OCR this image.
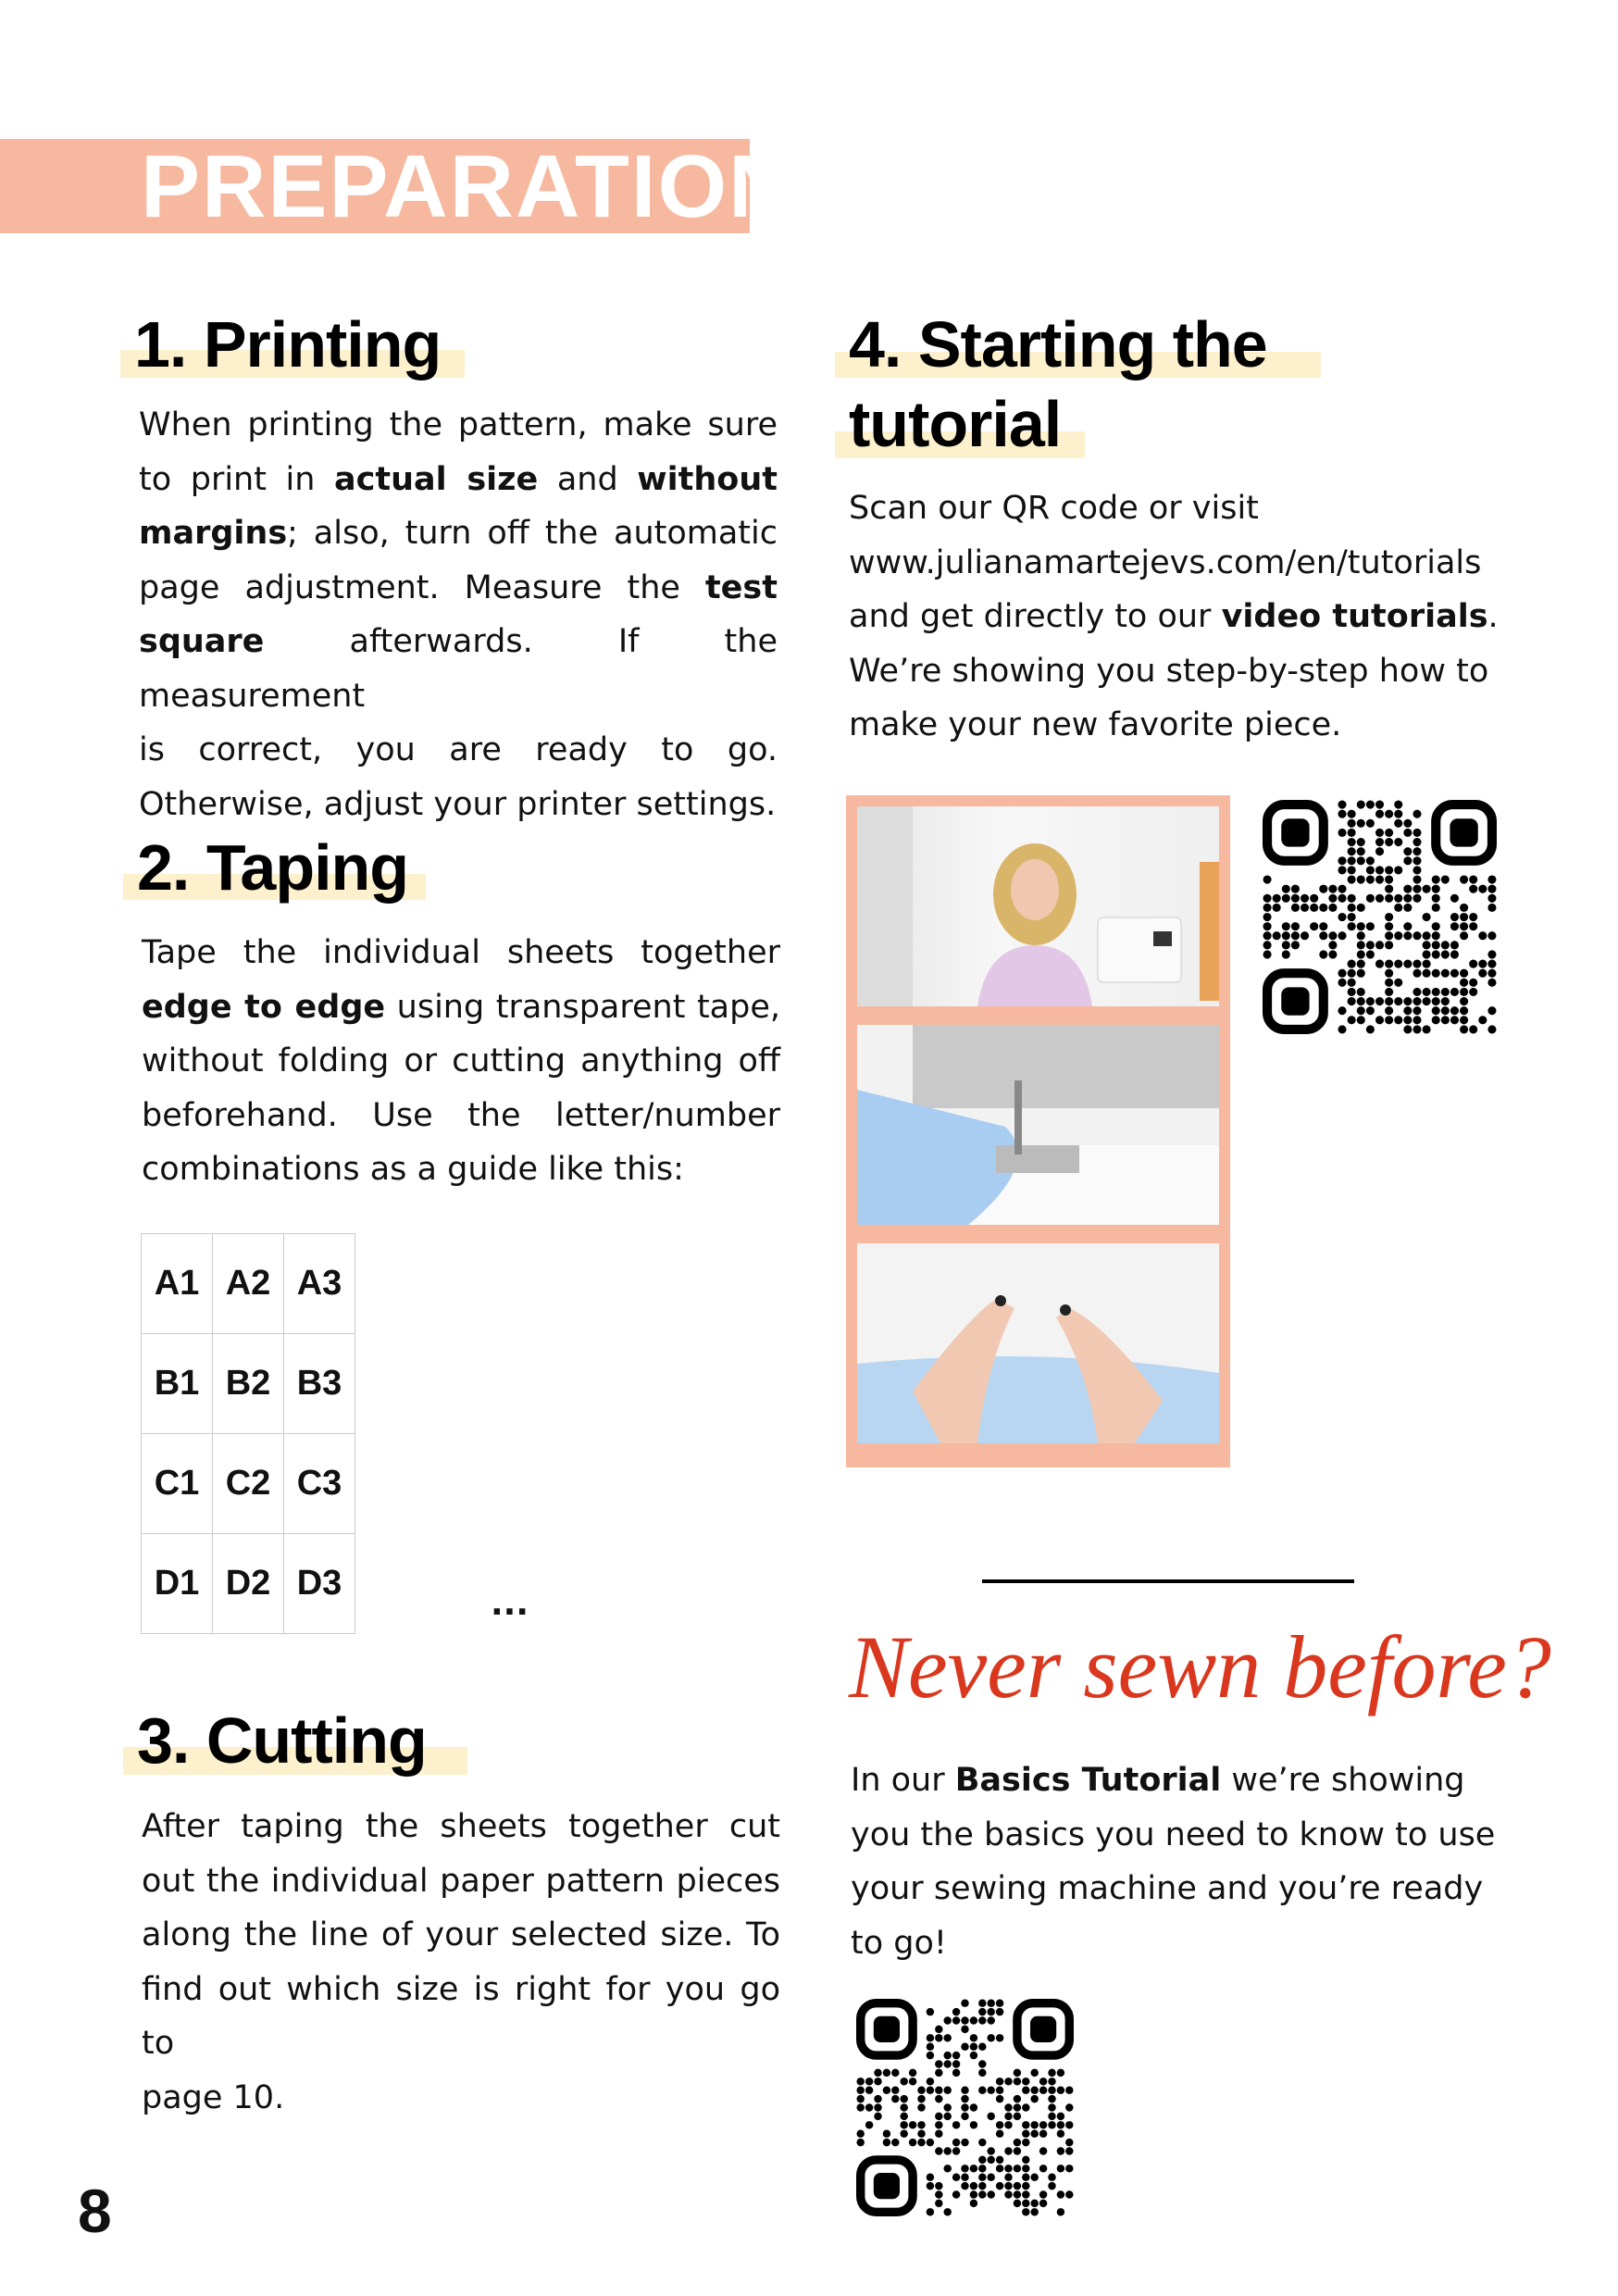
PREPARATION
1. Printing
When printing the pattern, make sure
to print in actual size and without
margins; also, turn off the automatic
page adjustment. Measure the test
square afterwards. If the measurement
is correct, you are ready to go.
Otherwise, adjust your printer settings.
2. Taping
Tape the individual sheets together
edge to edge using transparent tape,
without folding or cutting anything off
beforehand. Use the letter/number
combinations as a guide like this:
A1	A2	A3
B1	B2	B3
C1	C2	C3
D1	D2	D3
...
3. Cutting
After taping the sheets together cut
out the individual paper pattern pieces
along the line of your selected size. To
find out which size is right for you go to
page 10.
4. Starting the
tutorial
Scan our QR code or visit
www.julianamartejevs.com/en/tutorials
and get directly to our video tutorials.
We’re showing you step-by-step how to
make your new favorite piece.
Never sewn before?
In our Basics Tutorial we’re showing
you the basics you need to know to use
your sewing machine and you’re ready
to go!
8
